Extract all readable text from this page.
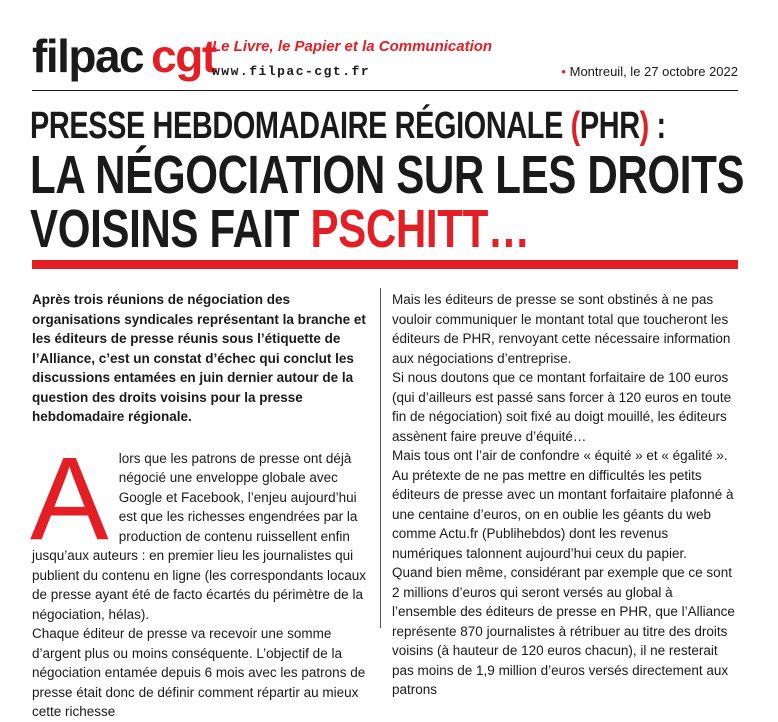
filpac cgt
Le Livre, le Papier et la Communication
www.filpac-cgt.fr	• Montreuil, le 27 octobre 2022
PRESSE HEBDOMADAIRE RÉGIONALE (PHR) :
LA NÉGOCIATION SUR LES DROITS
VOISINS FAIT PSCHITT…

Après trois réunions de négociation des organisations syndicales représentant la branche et les éditeurs de presse réunis sous l’étiquette de l’Alliance, c’est un constat d’échec qui conclut les discussions entamées en juin dernier autour de la question des droits voisins pour la presse hebdomadaire régionale.

A lors que les patrons de presse ont déjà négocié une enveloppe globale avec Google et Facebook, l’enjeu aujourd’hui est que les richesses engendrées par la production de contenu ruissellent enfin jusqu’aux auteurs : en premier lieu les journalistes qui publient du contenu en ligne (les correspondants locaux de presse ayant été de facto écartés du périmètre de la négociation, hélas).

Chaque éditeur de presse va recevoir une somme d’argent plus ou moins conséquente. L’objectif de la négociation entamée depuis 6 mois avec les patrons de presse était donc de définir comment répartir au mieux cette richesse

Mais les éditeurs de presse se sont obstinés à ne pas vouloir communiquer le montant total que toucheront les éditeurs de PHR, renvoyant cette nécessaire information aux négociations d’entreprise.

Si nous doutons que ce montant forfaitaire de 100 euros (qui d’ailleurs est passé sans forcer à 120 euros en toute fin de négociation) soit fixé au doigt mouillé, les éditeurs assènent faire preuve d’équité…

Mais tous ont l’air de confondre « équité » et « égalité ».

Au prétexte de ne pas mettre en difficultés les petits éditeurs de presse avec un montant forfaitaire plafonné à une centaine d’euros, on en oublie les géants du web comme Actu.fr (Publihebdos) dont les revenus numériques talonnent aujourd’hui ceux du papier.

Quand bien même, considérant par exemple que ce sont 2 millions d’euros qui seront versés au global à l’ensemble des éditeurs de presse en PHR, que l’Alliance représente 870 journalistes à rétribuer au titre des droits voisins (à hauteur de 120 euros chacun), il ne resterait pas moins de 1,9 million d’euros versés directement aux patrons
